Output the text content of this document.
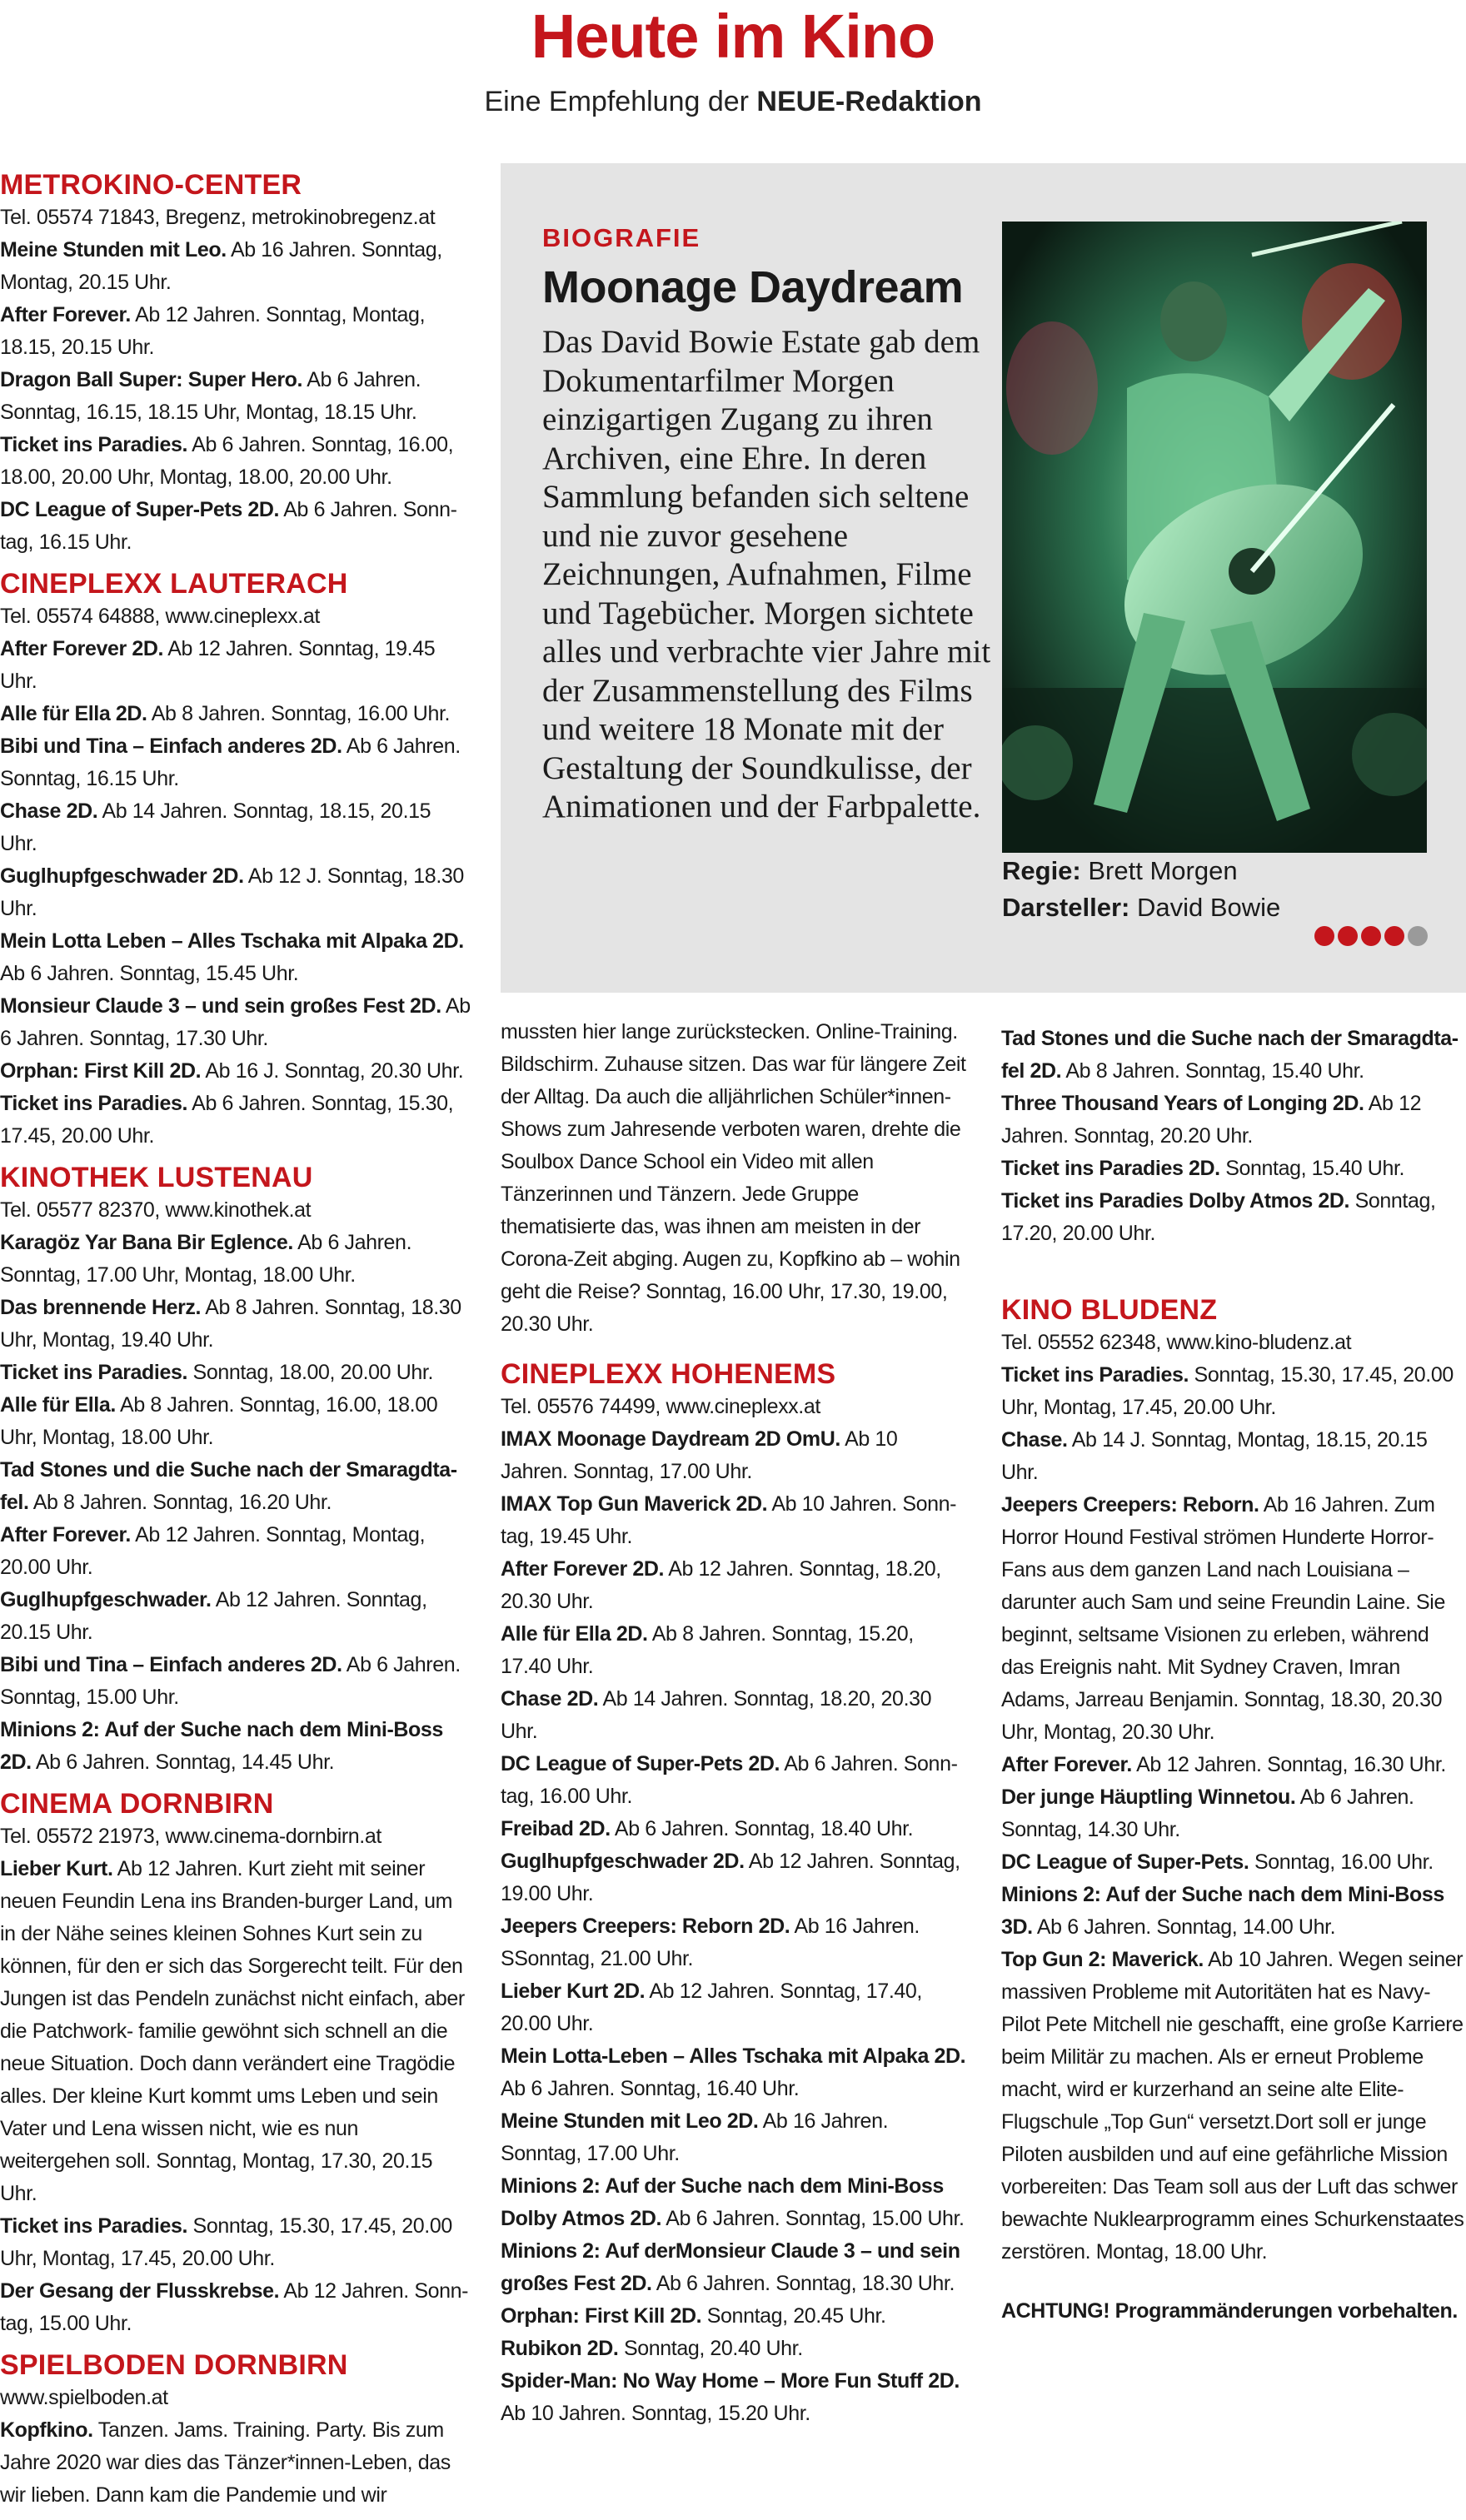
Heute im Kino
Eine Empfehlung der NEUE-Redaktion
METROKINO-CENTER
Tel. 05574 71843, Bregenz, metrokinobregenz.at
Meine Stunden mit Leo. Ab 16 Jahren. Sonntag, Montag, 20.15 Uhr.
After Forever. Ab 12 Jahren. Sonntag, Montag, 18.15, 20.15 Uhr.
Dragon Ball Super: Super Hero. Ab 6 Jahren. Sonntag, 16.15, 18.15 Uhr, Montag, 18.15 Uhr.
Ticket ins Paradies. Ab 6 Jahren. Sonntag, 16.00, 18.00, 20.00 Uhr, Montag, 18.00, 20.00 Uhr.
DC League of Super-Pets 2D. Ab 6 Jahren. Sonntag, 16.15 Uhr.
CINEPLEXX LAUTERACH
Tel. 05574 64888, www.cineplexx.at
After Forever 2D. Ab 12 Jahren. Sonntag, 19.45 Uhr.
Alle für Ella 2D. Ab 8 Jahren. Sonntag, 16.00 Uhr.
Bibi und Tina – Einfach anderes 2D. Ab 6 Jahren. Sonntag, 16.15 Uhr.
Chase 2D. Ab 14 Jahren. Sonntag, 18.15, 20.15 Uhr.
Guglhupfgeschwader 2D. Ab 12 J. Sonntag, 18.30 Uhr.
Mein Lotta Leben – Alles Tschaka mit Alpaka 2D. Ab 6 Jahren. Sonntag, 15.45 Uhr.
Monsieur Claude 3 – und sein großes Fest 2D. Ab 6 Jahren. Sonntag, 17.30 Uhr.
Orphan: First Kill 2D. Ab 16 J. Sonntag, 20.30 Uhr.
Ticket ins Paradies. Ab 6 Jahren. Sonntag, 15.30, 17.45, 20.00 Uhr.
KINOTHEK LUSTENAU
Tel. 05577 82370, www.kinothek.at
Karagöz Yar Bana Bir Eglence. Ab 6 Jahren. Sonntag, 17.00 Uhr, Montag, 18.00 Uhr.
Das brennende Herz. Ab 8 Jahren. Sonntag, 18.30 Uhr, Montag, 19.40 Uhr.
Ticket ins Paradies. Sonntag, 18.00, 20.00 Uhr.
Alle für Ella. Ab 8 Jahren. Sonntag, 16.00, 18.00 Uhr, Montag, 18.00 Uhr.
Tad Stones und die Suche nach der Smaragdtafel. Ab 8 Jahren. Sonntag, 16.20 Uhr.
After Forever. Ab 12 Jahren. Sonntag, Montag, 20.00 Uhr.
Guglhupfgeschwader. Ab 12 Jahren. Sonntag, 20.15 Uhr.
Bibi und Tina – Einfach anderes 2D. Ab 6 Jahren. Sonntag, 15.00 Uhr.
Minions 2: Auf der Suche nach dem Mini-Boss 2D. Ab 6 Jahren. Sonntag, 14.45 Uhr.
CINEMA DORNBIRN
Tel. 05572 21973, www.cinema-dornbirn.at
Lieber Kurt. Ab 12 Jahren. Kurt zieht mit seiner neuen Feundin Lena ins Branden-burger Land, um in der Nähe seines kleinen Sohnes Kurt sein zu können, für den er sich das Sorgerecht teilt. Für den Jungen ist das Pendeln zunächst nicht einfach, aber die Patchwork- familie gewöhnt sich schnell an die neue Situation. Doch dann verändert eine Tragödie alles. Der kleine Kurt kommt ums Leben und sein Vater und Lena wissen nicht, wie es nun weitergehen soll. Sonntag, Montag, 17.30, 20.15 Uhr.
Ticket ins Paradies. Sonntag, 15.30, 17.45, 20.00 Uhr, Montag, 17.45, 20.00 Uhr.
Der Gesang der Flusskrebse. Ab 12 Jahren. Sonntag, 15.00 Uhr.
SPIELBODEN DORNBIRN
www.spielboden.at
Kopfkino. Tanzen. Jams. Training. Party. Bis zum Jahre 2020 war dies das Tänzer*innen-Leben, das wir lieben. Dann kam die Pandemie und wir
BIOGRAFIE
Moonage Daydream
Das David Bowie Estate gab dem Dokumentarfilmer Morgen einzigartigen Zugang zu ihren Archiven, eine Ehre. In deren Sammlung befanden sich seltene und nie zuvor gesehene Zeichnungen, Aufnahmen, Filme und Tagebücher. Morgen sichtete alles und verbrachte vier Jahre mit der Zusammenstellung des Films und weitere 18 Monate mit der Gestaltung der Soundkulisse, der Animationen und der Farbpalette.
Regie: Brett Morgen
Darsteller: David Bowie
mussten hier lange zurückstecken. Online-Training. Bildschirm. Zuhause sitzen. Das war für längere Zeit der Alltag. Da auch die alljährlichen Schüler*innen-Shows zum Jahresende verboten waren, drehte die Soulbox Dance School ein Video mit allen Tänzerinnen und Tänzern. Jede Gruppe thematisierte das, was ihnen am meisten in der Corona-Zeit abging. Augen zu, Kopfkino ab – wohin geht die Reise? Sonntag, 16.00 Uhr, 17.30, 19.00, 20.30 Uhr.
CINEPLEXX HOHENEMS
Tel. 05576 74499, www.cineplexx.at
IMAX Moonage Daydream 2D OmU. Ab 10 Jahren. Sonntag, 17.00 Uhr.
IMAX Top Gun Maverick 2D. Ab 10 Jahren. Sonntag, 19.45 Uhr.
After Forever 2D. Ab 12 Jahren. Sonntag, 18.20, 20.30 Uhr.
Alle für Ella 2D. Ab 8 Jahren. Sonntag, 15.20, 17.40 Uhr.
Chase 2D. Ab 14 Jahren. Sonntag, 18.20, 20.30 Uhr.
DC League of Super-Pets 2D. Ab 6 Jahren. Sonntag, 16.00 Uhr.
Freibad 2D. Ab 6 Jahren. Sonntag, 18.40 Uhr.
Guglhupfgeschwader 2D. Ab 12 Jahren. Sonntag, 19.00 Uhr.
Jeepers Creepers: Reborn 2D. Ab 16 Jahren. SSonntag, 21.00 Uhr.
Lieber Kurt 2D. Ab 12 Jahren. Sonntag, 17.40, 20.00 Uhr.
Mein Lotta-Leben – Alles Tschaka mit Alpaka 2D. Ab 6 Jahren. Sonntag, 16.40 Uhr.
Meine Stunden mit Leo 2D. Ab 16 Jahren. Sonntag, 17.00 Uhr.
Minions 2: Auf der Suche nach dem Mini-Boss Dolby Atmos 2D. Ab 6 Jahren. Sonntag, 15.00 Uhr.
Minions 2: Auf derMonsieur Claude 3 – und sein großes Fest 2D. Ab 6 Jahren. Sonntag, 18.30 Uhr.
Orphan: First Kill 2D. Sonntag, 20.45 Uhr.
Rubikon 2D. Sonntag, 20.40 Uhr.
Spider-Man: No Way Home – More Fun Stuff 2D. Ab 10 Jahren. Sonntag, 15.20 Uhr.
Tad Stones und die Suche nach der Smaragdtafel 2D. Ab 8 Jahren. Sonntag, 15.40 Uhr.
Three Thousand Years of Longing 2D. Ab 12 Jahren. Sonntag, 20.20 Uhr.
Ticket ins Paradies 2D. Sonntag, 15.40 Uhr.
Ticket ins Paradies Dolby Atmos 2D. Sonntag, 17.20, 20.00 Uhr.
KINO BLUDENZ
Tel. 05552 62348, www.kino-bludenz.at
Ticket ins Paradies. Sonntag, 15.30, 17.45, 20.00 Uhr, Montag, 17.45, 20.00 Uhr.
Chase. Ab 14 J. Sonntag, Montag, 18.15, 20.15 Uhr.
Jeepers Creepers: Reborn. Ab 16 Jahren. Zum Horror Hound Festival strömen Hunderte Horror-Fans aus dem ganzen Land nach Louisiana – darunter auch Sam und seine Freundin Laine. Sie beginnt, seltsame Visionen zu erleben, während das Ereignis naht. Mit Sydney Craven, Imran Adams, Jarreau Benjamin. Sonntag, 18.30, 20.30 Uhr, Montag, 20.30 Uhr.
After Forever. Ab 12 Jahren. Sonntag, 16.30 Uhr.
Der junge Häuptling Winnetou. Ab 6 Jahren. Sonntag, 14.30 Uhr.
DC League of Super-Pets. Sonntag, 16.00 Uhr.
Minions 2: Auf der Suche nach dem Mini-Boss 3D. Ab 6 Jahren. Sonntag, 14.00 Uhr.
Top Gun 2: Maverick. Ab 10 Jahren. Wegen seiner massiven Probleme mit Autoritäten hat es Navy-Pilot Pete Mitchell nie geschafft, eine große Karriere beim Militär zu machen. Als er erneut Probleme macht, wird er kurzerhand an seine alte Elite-Flugschule „Top Gun“ versetzt.Dort soll er junge Piloten ausbilden und auf eine gefährliche Mission vorbereiten: Das Team soll aus der Luft das schwer bewachte Nuklearprogramm eines Schurkenstaates zerstören. Montag, 18.00 Uhr.
ACHTUNG! Programmänderungen vorbehalten.
